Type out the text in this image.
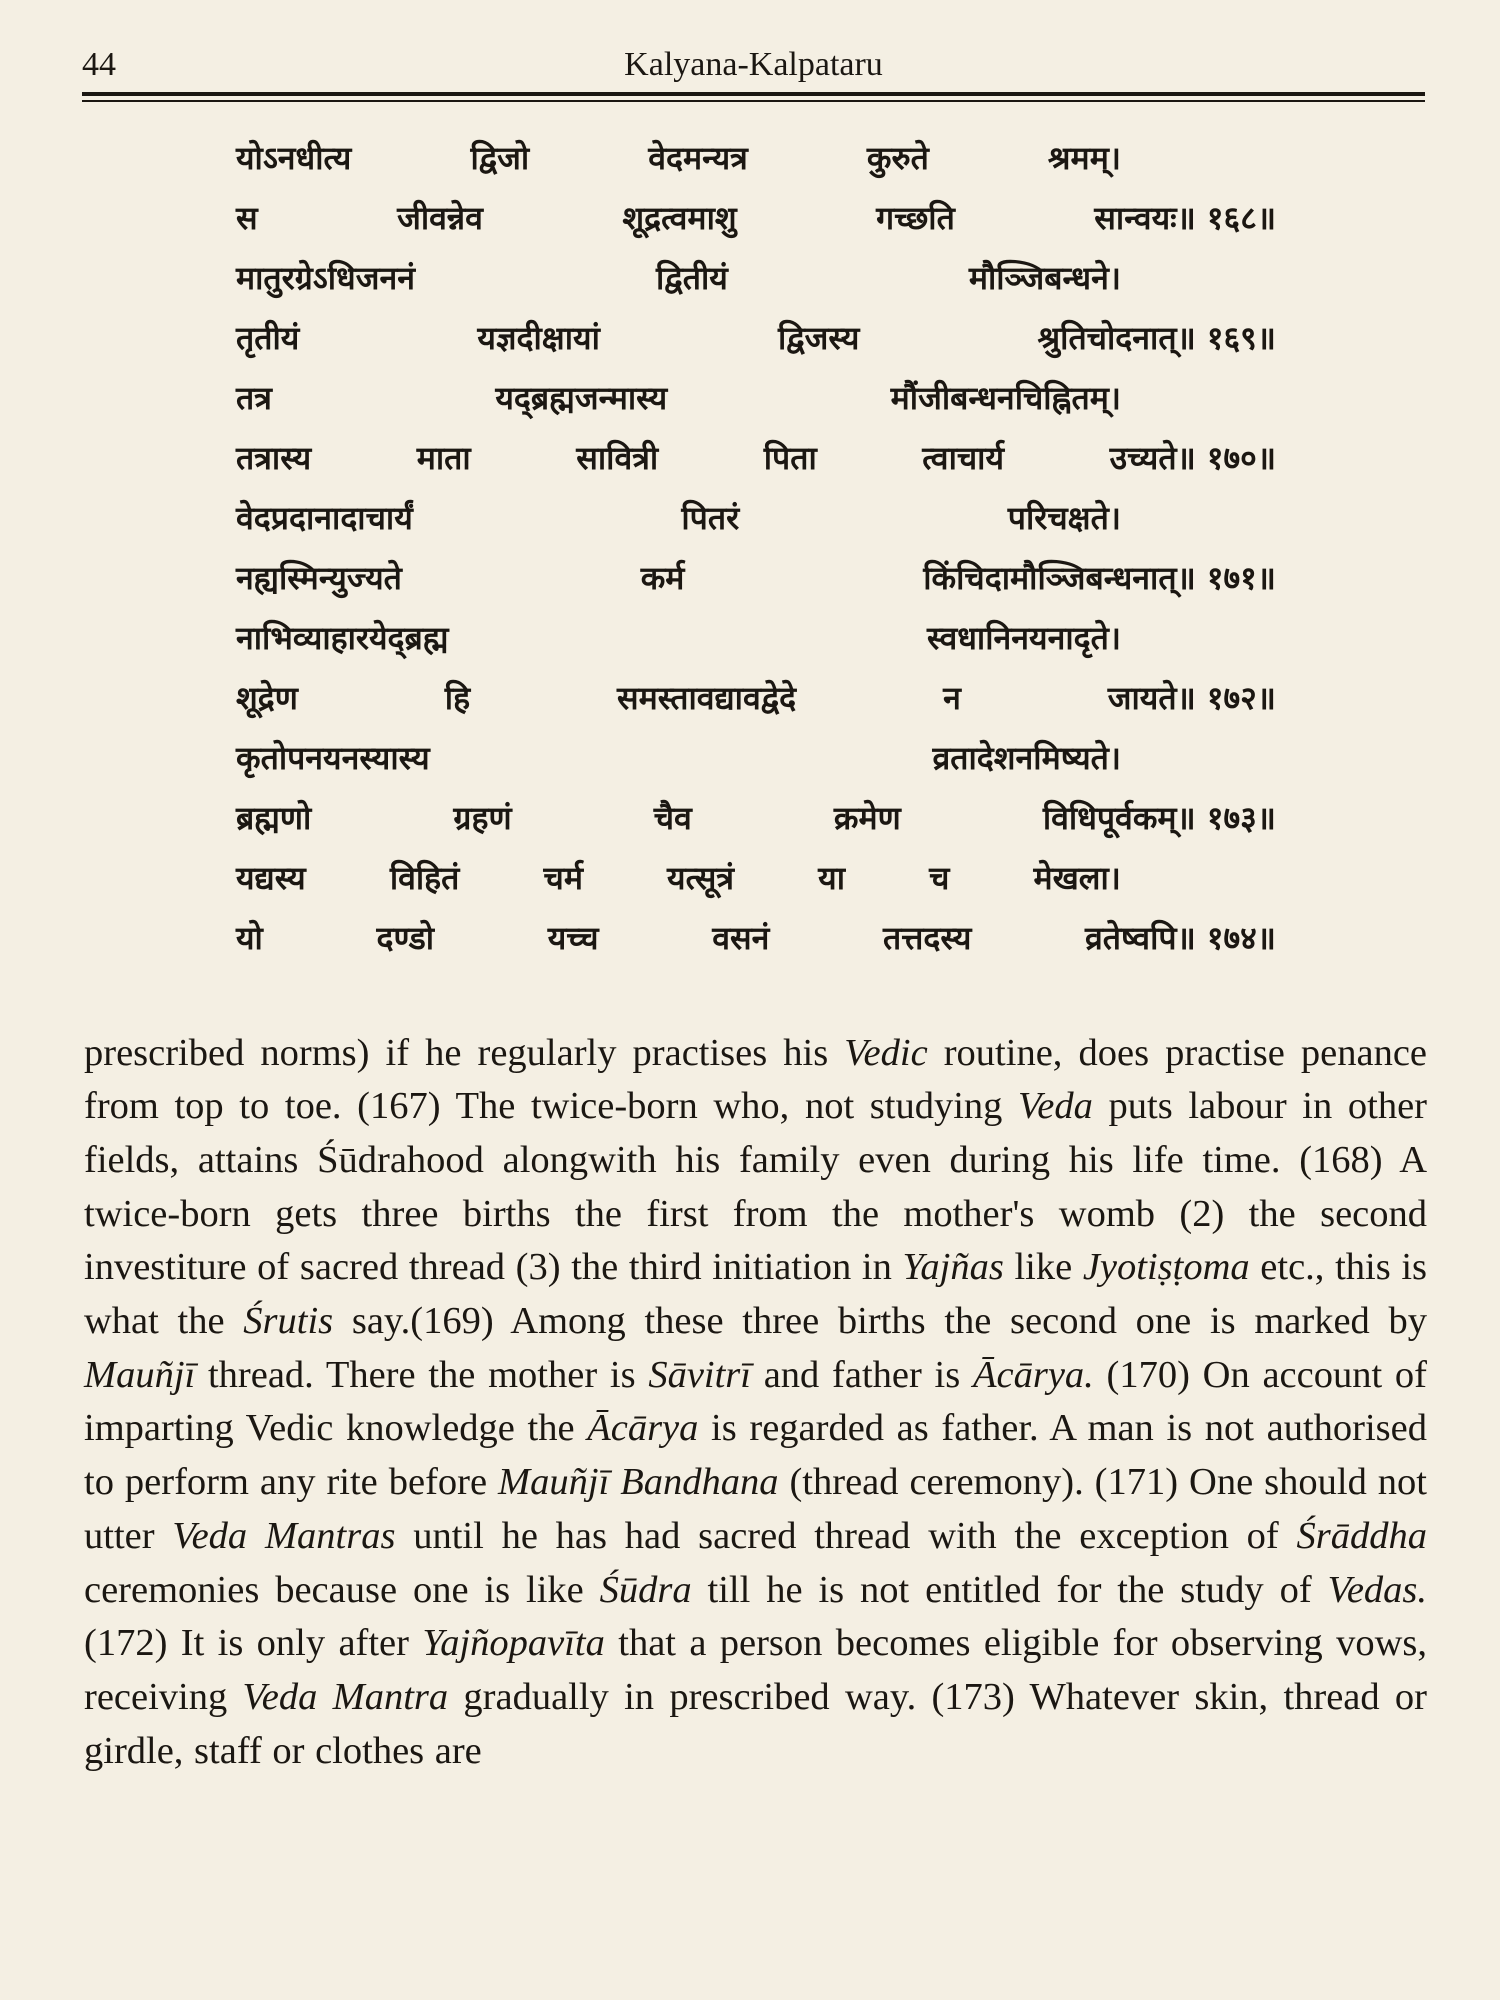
44	Kalyana-Kalpataru
योऽनधीत्य	द्विजो	वेदमन्यत्र	कुरुते	श्रमम्।
स	जीवन्नेव	शूद्रत्वमाशु	गच्छति	सान्वयः॥ १६८॥
मातुरग्रेऽधिजननं	द्वितीयं	मौञ्जिबन्धने।
तृतीयं	यज्ञदीक्षायां	द्विजस्य	श्रुतिचोदनात्॥ १६९॥
तत्र	यद्ब्रह्मजन्मास्य	मौंजीबन्धनचिह्नितम्।
तत्रास्य	माता	सावित्री	पिता	त्वाचार्य	उच्यते॥ १७०॥
वेदप्रदानादाचार्यं	पितरं	परिचक्षते।
नह्यस्मिन्युज्यते	कर्म	किंचिदामौञ्जिबन्धनात्॥ १७१॥
नाभिव्याहारयेद्ब्रह्म	स्वधानिनयनादृते।
शूद्रेण	हि	समस्तावद्यावद्वेदे	न	जायते॥ १७२॥
कृतोपनयनस्यास्य	व्रतादेशनमिष्यते।
ब्रह्मणो	ग्रहणं	चैव	क्रमेण	विधिपूर्वकम्॥ १७३॥
यद्यस्य	विहितं	चर्म	यत्सूत्रं	या	च	मेखला।
यो	दण्डो	यच्च	वसनं	तत्तदस्य	व्रतेष्वपि॥ १७४॥

prescribed norms) if he regularly practises his Vedic routine, does practise penance from top to toe. (167) The twice-born who, not studying Veda puts labour in other fields, attains Śūdrahood alongwith his family even during his life time. (168) A twice-born gets three births the first from the mother's womb (2) the second investiture of sacred thread (3) the third initiation in Yajñas like Jyotiṣṭoma etc., this is what the Śrutis say.(169) Among these three births the second one is marked by Mauñjī thread. There the mother is Sāvitrī and father is Ācārya. (170) On account of imparting Vedic knowledge the Ācārya is regarded as father. A man is not authorised to perform any rite before Mauñjī Bandhana (thread ceremony). (171) One should not utter Veda Mantras until he has had sacred thread with the exception of Śrāddha ceremonies because one is like Śūdra till he is not entitled for the study of Vedas. (172) It is only after Yajñopavīta that a person becomes eligible for observing vows, receiving Veda Mantra gradually in prescribed way. (173) Whatever skin, thread or girdle, staff or clothes are
